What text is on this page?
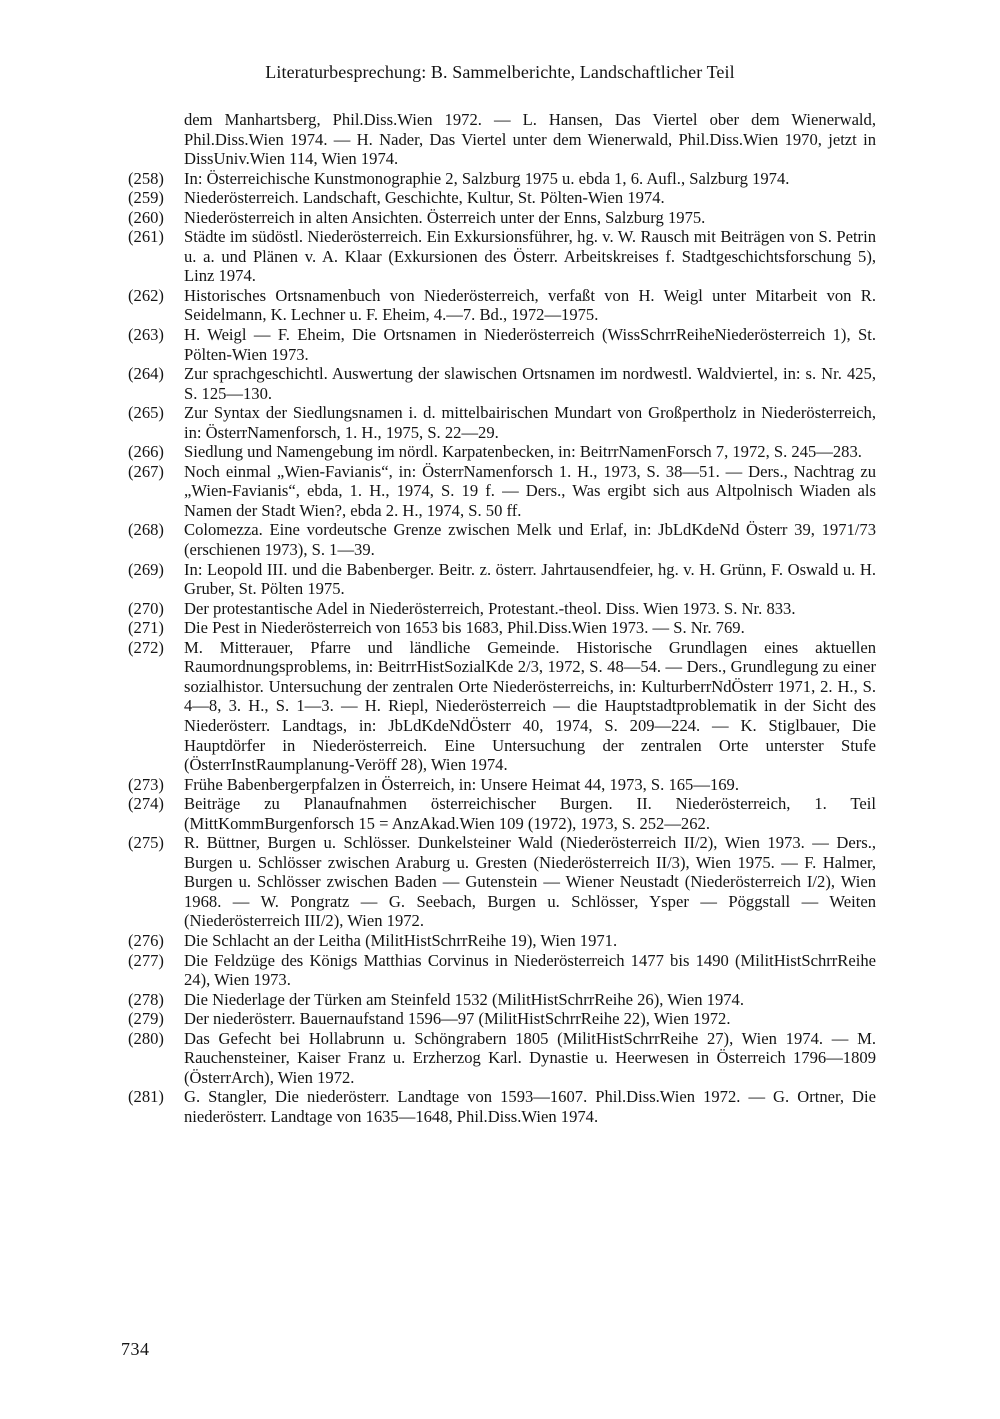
Literaturbesprechung: B. Sammelberichte, Landschaftlicher Teil
dem Manhartsberg, Phil.Diss.Wien 1972. — L. Hansen, Das Viertel ober dem Wienerwald, Phil.Diss.Wien 1974. — H. Nader, Das Viertel unter dem Wienerwald, Phil.Diss.Wien 1970, jetzt in DissUniv.Wien 114, Wien 1974.
(258)	In: Österreichische Kunstmonographie 2, Salzburg 1975 u. ebda 1, 6. Aufl., Salzburg 1974.
(259)	Niederösterreich. Landschaft, Geschichte, Kultur, St. Pölten-Wien 1974.
(260)	Niederösterreich in alten Ansichten. Österreich unter der Enns, Salzburg 1975.
(261)	Städte im südöstl. Niederösterreich. Ein Exkursionsführer, hg. v. W. Rausch mit Beiträgen von S. Petrin u. a. und Plänen v. A. Klaar (Exkursionen des Österr. Arbeitskreises f. Stadtgeschichtsforschung 5), Linz 1974.
(262)	Historisches Ortsnamenbuch von Niederösterreich, verfaßt von H. Weigl unter Mitarbeit von R. Seidelmann, K. Lechner u. F. Eheim, 4.—7. Bd., 1972—1975.
(263)	H. Weigl — F. Eheim, Die Ortsnamen in Niederösterreich (WissSchrrReiheNiederösterreich 1), St. Pölten-Wien 1973.
(264)	Zur sprachgeschichtl. Auswertung der slawischen Ortsnamen im nordwestl. Waldviertel, in: s. Nr. 425, S. 125—130.
(265)	Zur Syntax der Siedlungsnamen i. d. mittelbairischen Mundart von Großpertholz in Niederösterreich, in: ÖsterrNamenforsch, 1. H., 1975, S. 22—29.
(266)	Siedlung und Namengebung im nördl. Karpatenbecken, in: BeitrrNamenForsch 7, 1972, S. 245—283.
(267)	Noch einmal „Wien-Favianis“, in: ÖsterrNamenforsch 1. H., 1973, S. 38—51. — Ders., Nachtrag zu „Wien-Favianis“, ebda, 1. H., 1974, S. 19 f. — Ders., Was ergibt sich aus Altpolnisch Wiaden als Namen der Stadt Wien?, ebda 2. H., 1974, S. 50 ff.
(268)	Colomezza. Eine vordeutsche Grenze zwischen Melk und Erlaf, in: JbLdKdeNd Österr 39, 1971/73 (erschienen 1973), S. 1—39.
(269)	In: Leopold III. und die Babenberger. Beitr. z. österr. Jahrtausendfeier, hg. v. H. Grünn, F. Oswald u. H. Gruber, St. Pölten 1975.
(270)	Der protestantische Adel in Niederösterreich, Protestant.-theol. Diss. Wien 1973. S. Nr. 833.
(271)	Die Pest in Niederösterreich von 1653 bis 1683, Phil.Diss.Wien 1973. — S. Nr. 769.
(272)	M. Mitterauer, Pfarre und ländliche Gemeinde. Historische Grundlagen eines aktuellen Raumordnungsproblems, in: BeitrrHistSozialKde 2/3, 1972, S. 48—54. — Ders., Grundlegung zu einer sozialhistor. Untersuchung der zentralen Orte Niederösterreichs, in: KulturberrNdÖsterr 1971, 2. H., S. 4—8, 3. H., S. 1—3. — H. Riepl, Niederösterreich — die Hauptstadtproblematik in der Sicht des Niederösterr. Landtags, in: JbLdKdeNdÖsterr 40, 1974, S. 209—224. — K. Stiglbauer, Die Hauptdörfer in Niederösterreich. Eine Untersuchung der zentralen Orte unterster Stufe (ÖsterrInstRaumplanung-Veröff 28), Wien 1974.
(273)	Frühe Babenbergerpfalzen in Österreich, in: Unsere Heimat 44, 1973, S. 165—169.
(274)	Beiträge zu Planaufnahmen österreichischer Burgen. II. Niederösterreich, 1. Teil (MittKommBurgenforsch 15 = AnzAkad.Wien 109 (1972), 1973, S. 252—262.
(275)	R. Büttner, Burgen u. Schlösser. Dunkelsteiner Wald (Niederösterreich II/2), Wien 1973. — Ders., Burgen u. Schlösser zwischen Araburg u. Gresten (Niederösterreich II/3), Wien 1975. — F. Halmer, Burgen u. Schlösser zwischen Baden — Gutenstein — Wiener Neustadt (Niederösterreich I/2), Wien 1968. — W. Pongratz — G. Seebach, Burgen u. Schlösser, Ysper — Pöggstall — Weiten (Niederösterreich III/2), Wien 1972.
(276)	Die Schlacht an der Leitha (MilitHistSchrrReihe 19), Wien 1971.
(277)	Die Feldzüge des Königs Matthias Corvinus in Niederösterreich 1477 bis 1490 (MilitHistSchrrReihe 24), Wien 1973.
(278)	Die Niederlage der Türken am Steinfeld 1532 (MilitHistSchrrReihe 26), Wien 1974.
(279)	Der niederösterr. Bauernaufstand 1596—97 (MilitHistSchrrReihe 22), Wien 1972.
(280)	Das Gefecht bei Hollabrunn u. Schöngrabern 1805 (MilitHistSchrrReihe 27), Wien 1974. — M. Rauchensteiner, Kaiser Franz u. Erzherzog Karl. Dynastie u. Heerwesen in Österreich 1796—1809 (ÖsterrArch), Wien 1972.
(281)	G. Stangler, Die niederösterr. Landtage von 1593—1607. Phil.Diss.Wien 1972. — G. Ortner, Die niederösterr. Landtage von 1635—1648, Phil.Diss.Wien 1974.
734
